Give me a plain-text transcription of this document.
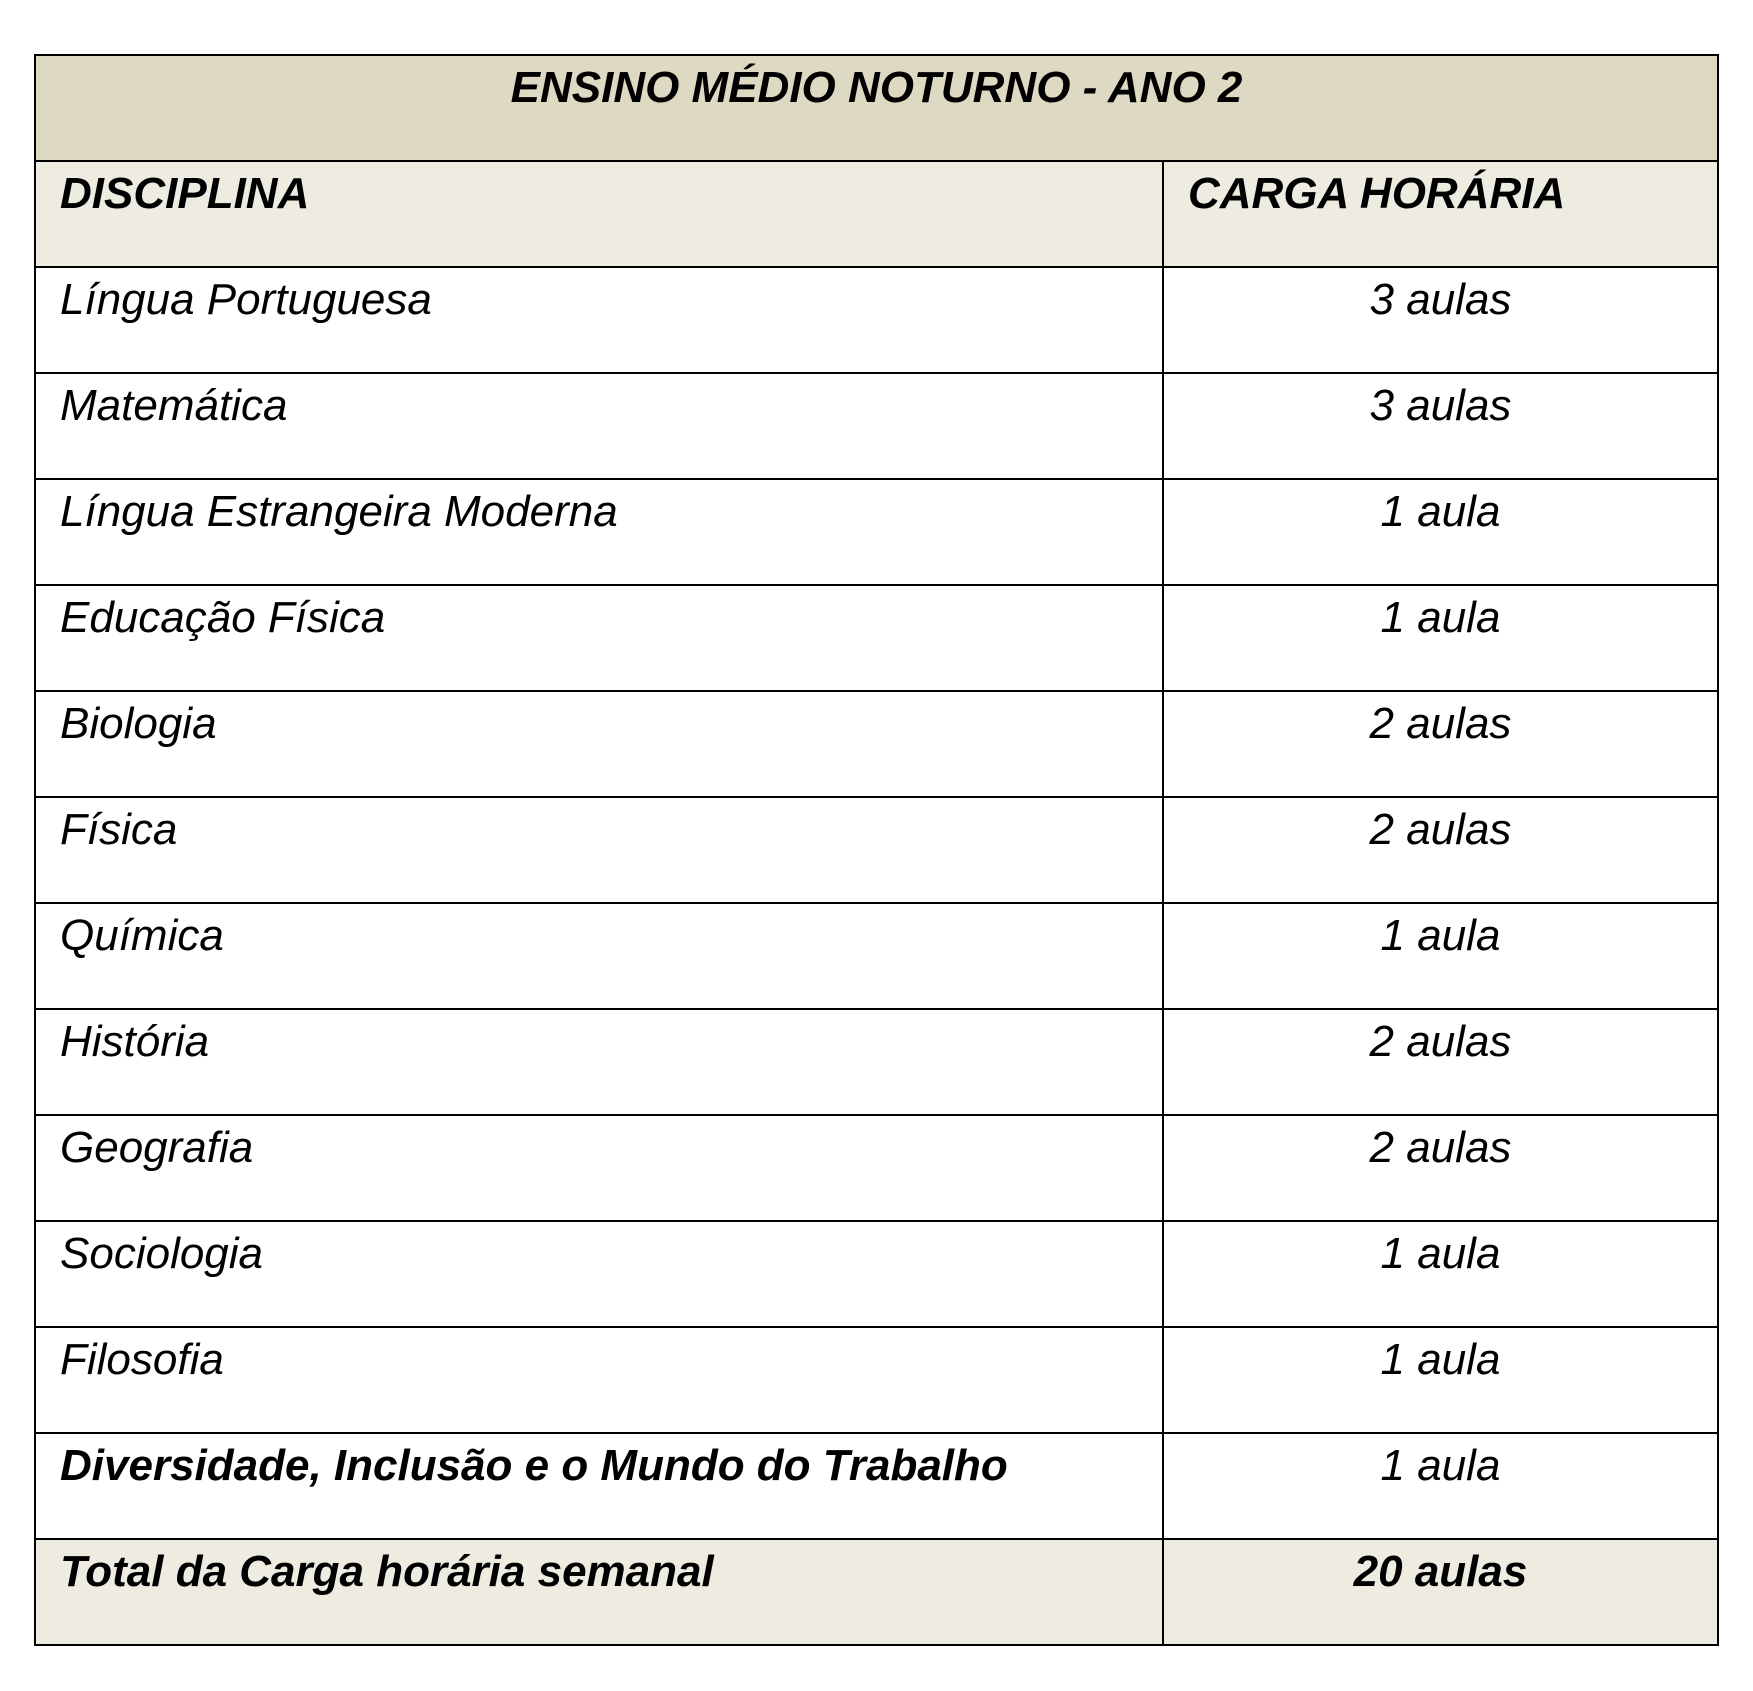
ENSINO MÉDIO NOTURNO - ANO 2	
DISCIPLINA	CARGA HORÁRIA
Língua Portuguesa	3 aulas
Matemática	3 aulas
Língua Estrangeira Moderna	1 aula
Educação Física	1 aula
Biologia	2 aulas
Física	2 aulas
Química	1 aula
História	2 aulas
Geografia	2 aulas
Sociologia	1 aula
Filosofia	1 aula
Diversidade, Inclusão e o Mundo do Trabalho	1 aula
Total da Carga horária semanal	20 aulas
